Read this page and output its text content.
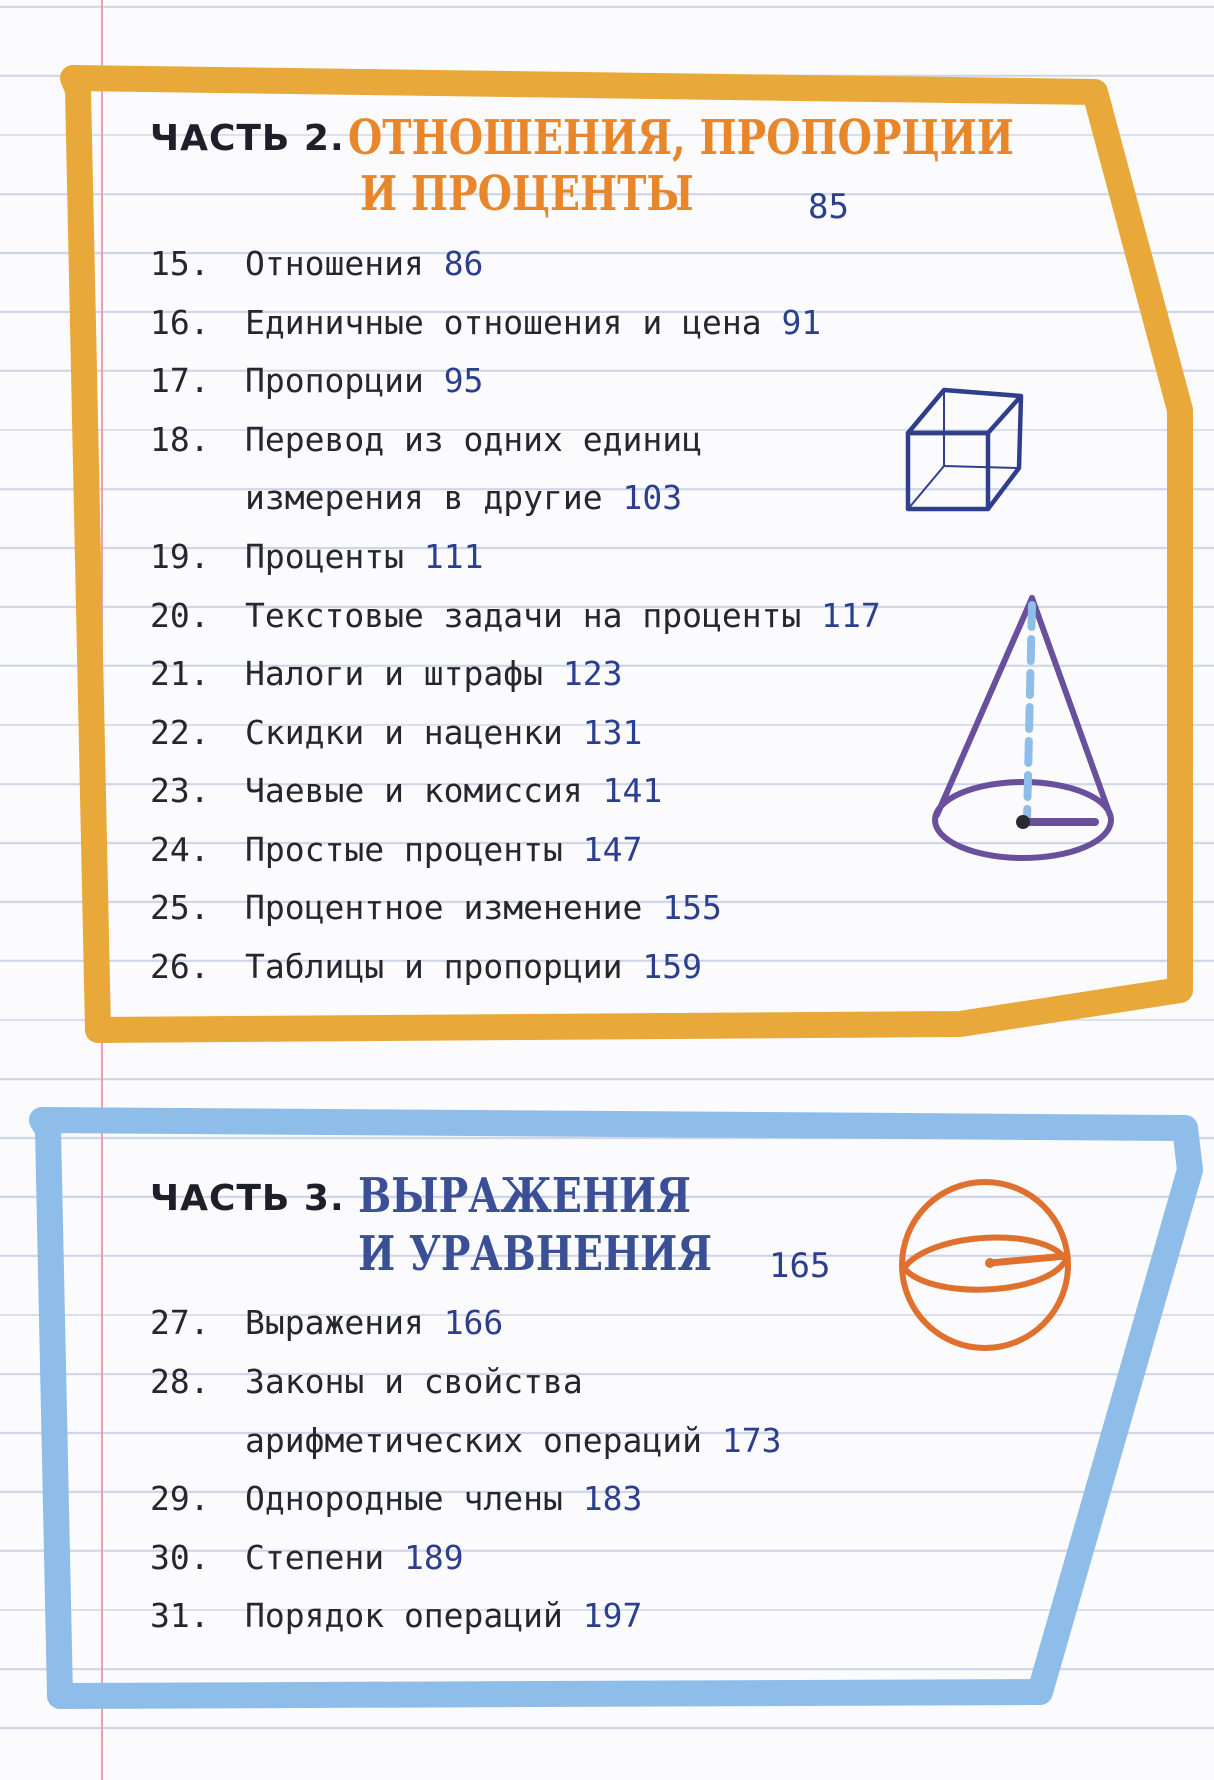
ЧАСТЬ 2. ОТНОШЕНИЯ, ПРОПОРЦИИ
И ПРОЦЕНТЫ	85
15. Отношения 86
16. Единичные отношения и цена 91
17. Пропорции 95
18. Перевод из одних единиц
измерения в другие 103
19. Проценты 111
20. Текстовые задачи на проценты 117
21. Налоги и штрафы 123
22. Скидки и наценки 131
23. Чаевые и комиссия 141
24. Простые проценты 147
25. Процентное изменение 155
26. Таблицы и пропорции 159
ЧАСТЬ 3. ВЫРАЖЕНИЯ
И УРАВНЕНИЯ 165
27. Выражения 166
28. Законы и свойства
арифметических операций 173
29. Однородные члены 183
30. Степени 189
31. Порядок операций 197
